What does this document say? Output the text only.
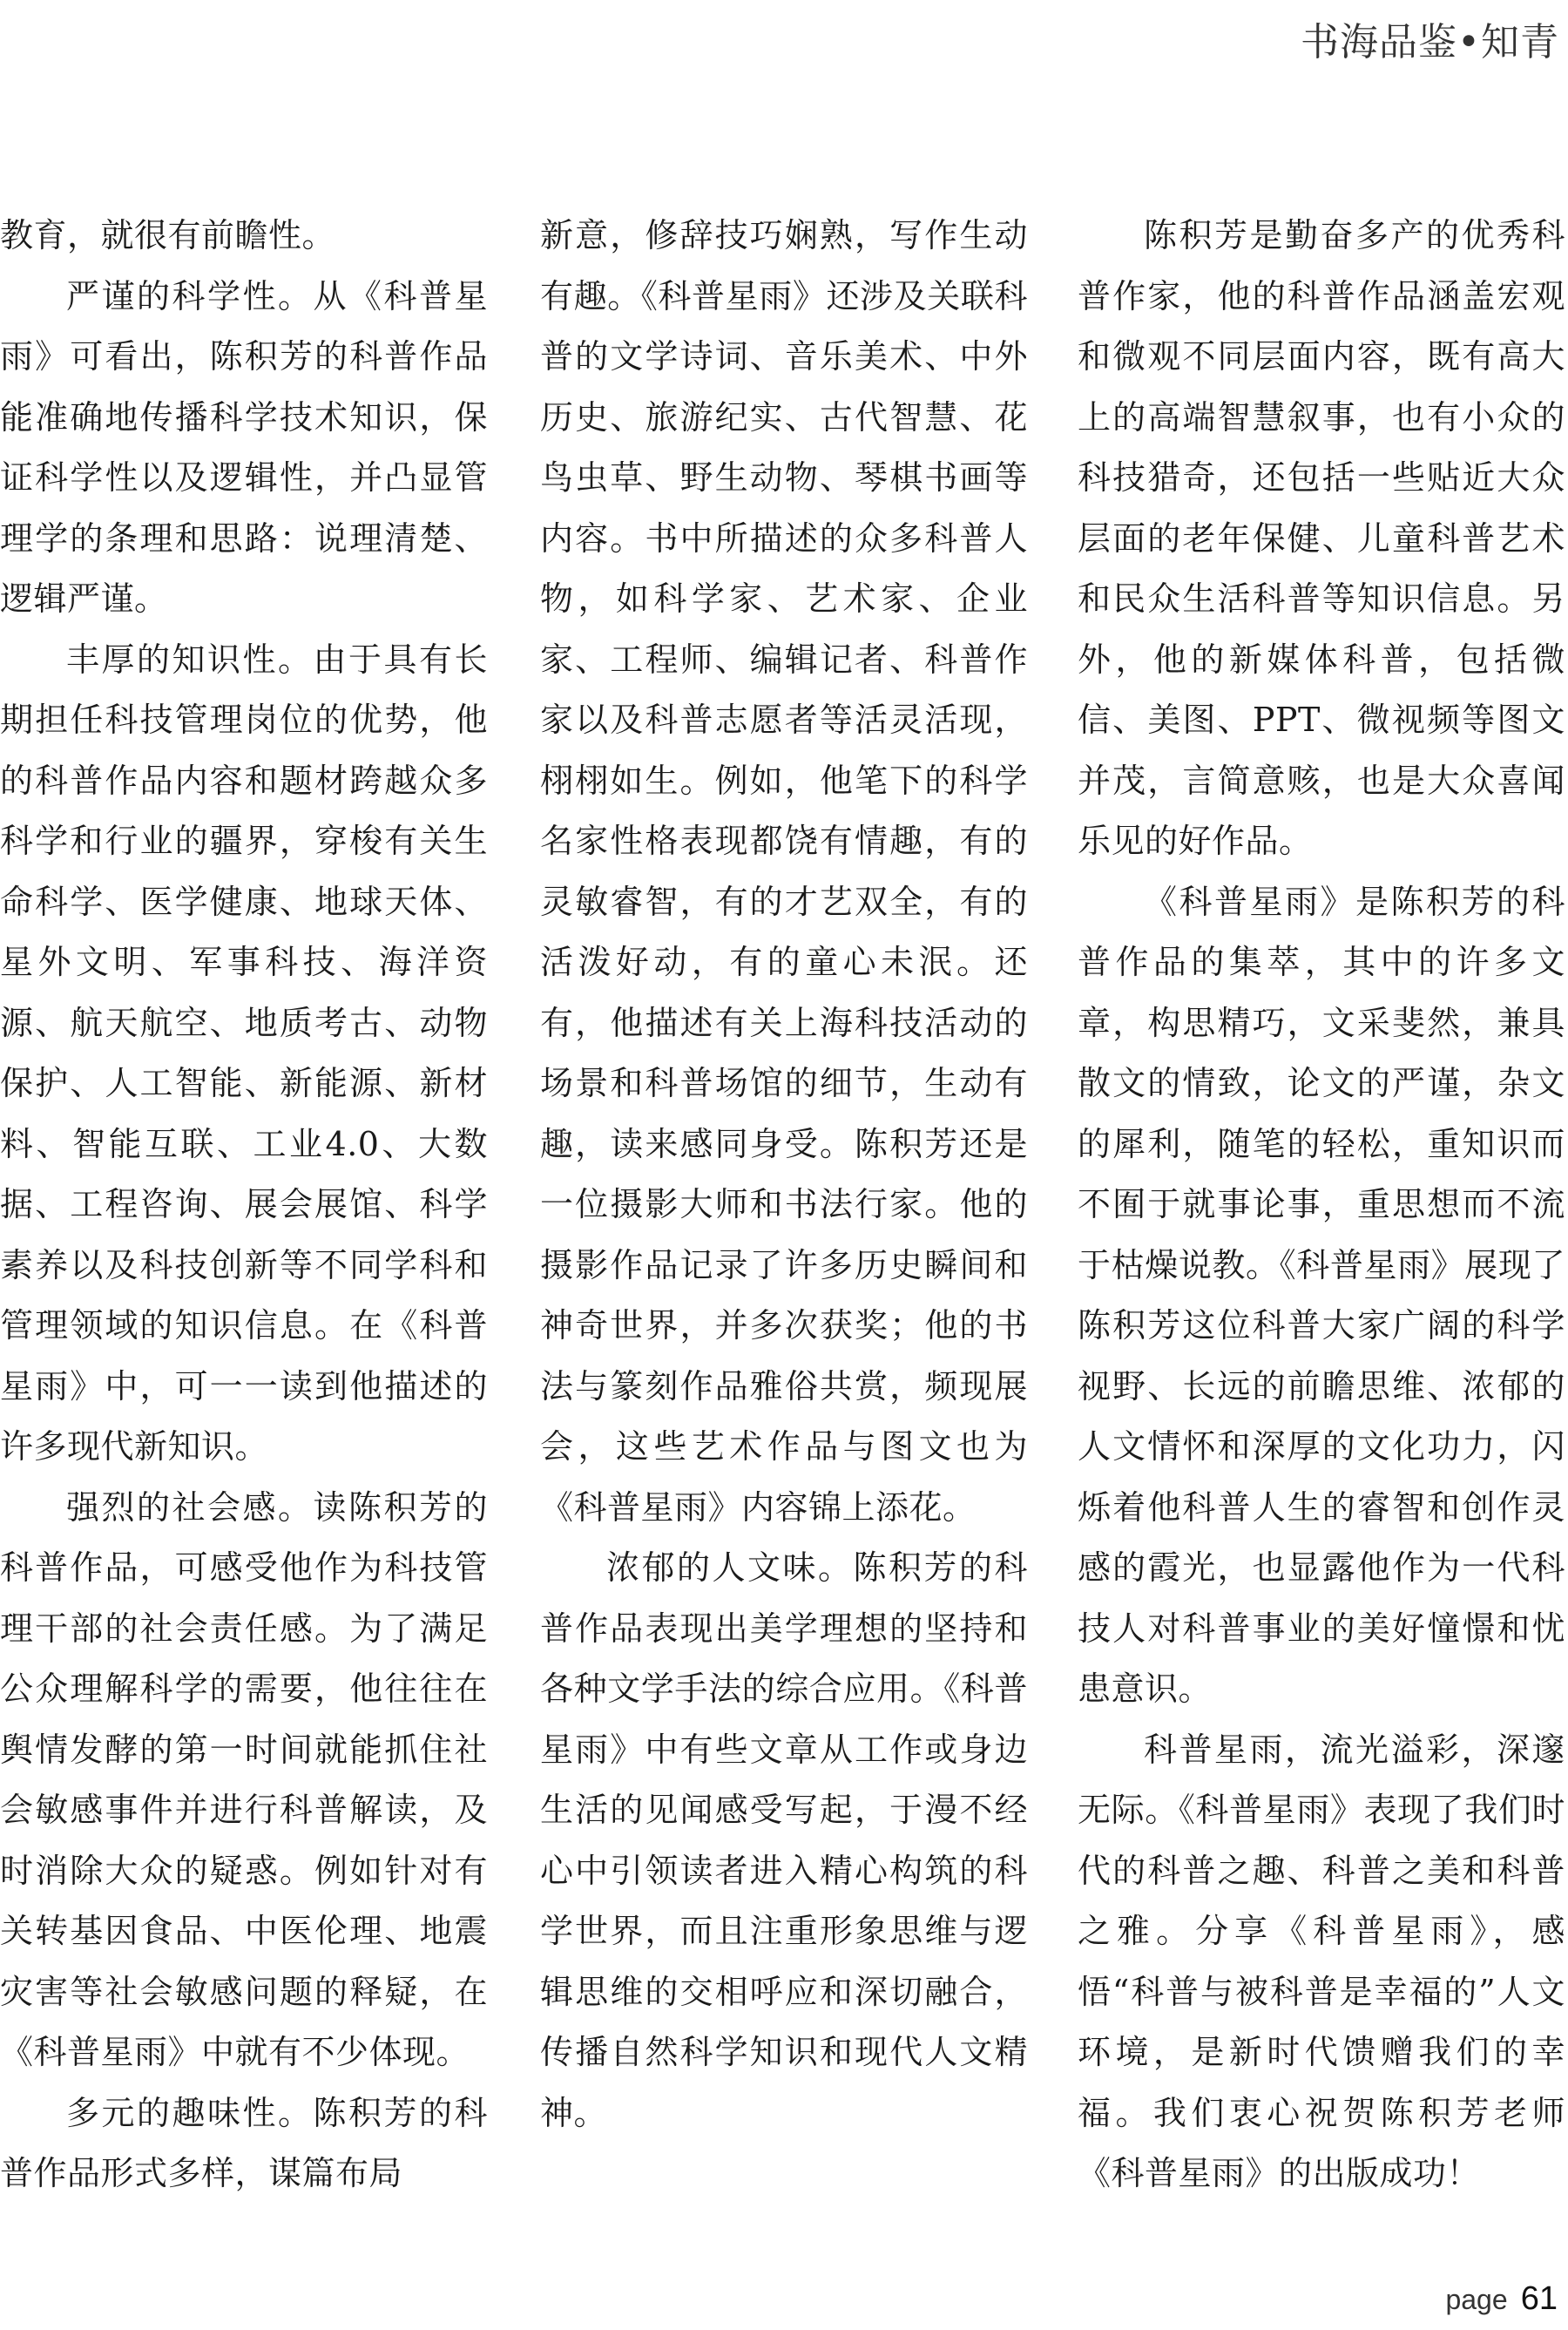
书海品鉴•知青

教育，就很有前瞻性。

严谨的科学性。从《科普星雨》可看出，陈积芳的科普作品能准确地传播科学技术知识，保证科学性以及逻辑性，并凸显管理学的条理和思路：说理清楚、逻辑严谨。

丰厚的知识性。由于具有长期担任科技管理岗位的优势，他的科普作品内容和题材跨越众多科学和行业的疆界，穿梭有关生命科学、医学健康、地球天体、星外文明、军事科技、海洋资源、航天航空、地质考古、动物保护、人工智能、新能源、新材料、智能互联、工业4.0、大数据、工程咨询、展会展馆、科学素养以及科技创新等不同学科和管理领域的知识信息。在《科普星雨》中，可一一读到他描述的许多现代新知识。

强烈的社会感。读陈积芳的科普作品，可感受他作为科技管理干部的社会责任感。为了满足公众理解科学的需要，他往往在舆情发酵的第一时间就能抓住社会敏感事件并进行科普解读，及时消除大众的疑惑。例如针对有关转基因食品、中医伦理、地震灾害等社会敏感问题的释疑，在《科普星雨》中就有不少体现。

多元的趣味性。陈积芳的科普作品形式多样，谋篇布局

新意，修辞技巧娴熟，写作生动有趣。《科普星雨》还涉及关联科普的文学诗词、音乐美术、中外历史、旅游纪实、古代智慧、花鸟虫草、野生动物、琴棋书画等内容。书中所描述的众多科普人物，如科学家、艺术家、企业家、工程师、编辑记者、科普作家以及科普志愿者等活灵活现，栩栩如生。例如，他笔下的科学名家性格表现都饶有情趣，有的灵敏睿智，有的才艺双全，有的活泼好动，有的童心未泯。还有，他描述有关上海科技活动的场景和科普场馆的细节，生动有趣，读来感同身受。陈积芳还是一位摄影大师和书法行家。他的摄影作品记录了许多历史瞬间和神奇世界，并多次获奖；他的书法与篆刻作品雅俗共赏，频现展会，这些艺术作品与图文也为《科普星雨》内容锦上添花。

浓郁的人文味。陈积芳的科普作品表现出美学理想的坚持和各种文学手法的综合应用。《科普星雨》中有些文章从工作或身边生活的见闻感受写起，于漫不经心中引领读者进入精心构筑的科学世界，而且注重形象思维与逻辑思维的交相呼应和深切融合，传播自然科学知识和现代人文精神。

陈积芳是勤奋多产的优秀科普作家，他的科普作品涵盖宏观和微观不同层面内容，既有高大上的高端智慧叙事，也有小众的科技猎奇，还包括一些贴近大众层面的老年保健、儿童科普艺术和民众生活科普等知识信息。另外，他的新媒体科普，包括微信、美图、PPT、微视频等图文并茂，言简意赅，也是大众喜闻乐见的好作品。

《科普星雨》是陈积芳的科普作品的集萃，其中的许多文章，构思精巧，文采斐然，兼具散文的情致，论文的严谨，杂文的犀利，随笔的轻松，重知识而不囿于就事论事，重思想而不流于枯燥说教。《科普星雨》展现了陈积芳这位科普大家广阔的科学视野、长远的前瞻思维、浓郁的人文情怀和深厚的文化功力，闪烁着他科普人生的睿智和创作灵感的霞光，也显露他作为一代科技人对科普事业的美好憧憬和忧患意识。

科普星雨，流光溢彩，深邃无际。《科普星雨》表现了我们时代的科普之趣、科普之美和科普之雅。分享《科普星雨》，感悟“科普与被科普是幸福的”人文环境，是新时代馈赠我们的幸福。我们衷心祝贺陈积芳老师《科普星雨》的出版成功！

page 61
